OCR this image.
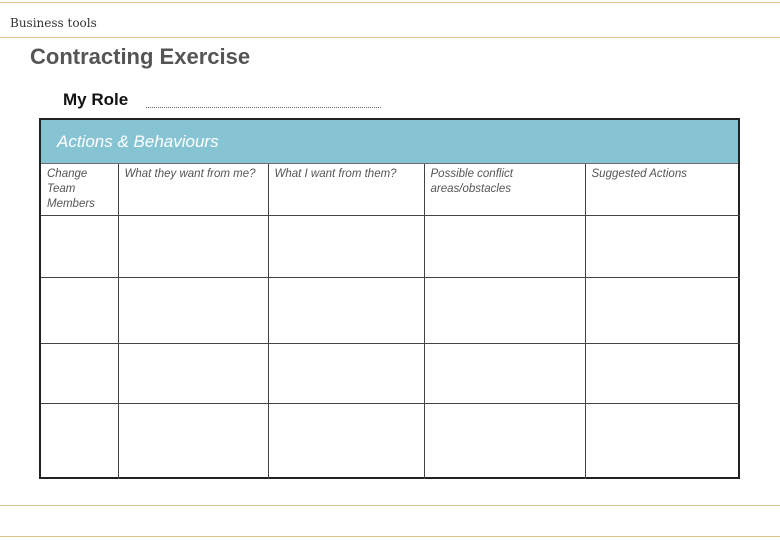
Business tools
Contracting Exercise
My Role
Actions & Behaviours
Change Team Members	What they want from me?	What I want from them?	Possible conflict areas/obstacles	Suggested Actions
